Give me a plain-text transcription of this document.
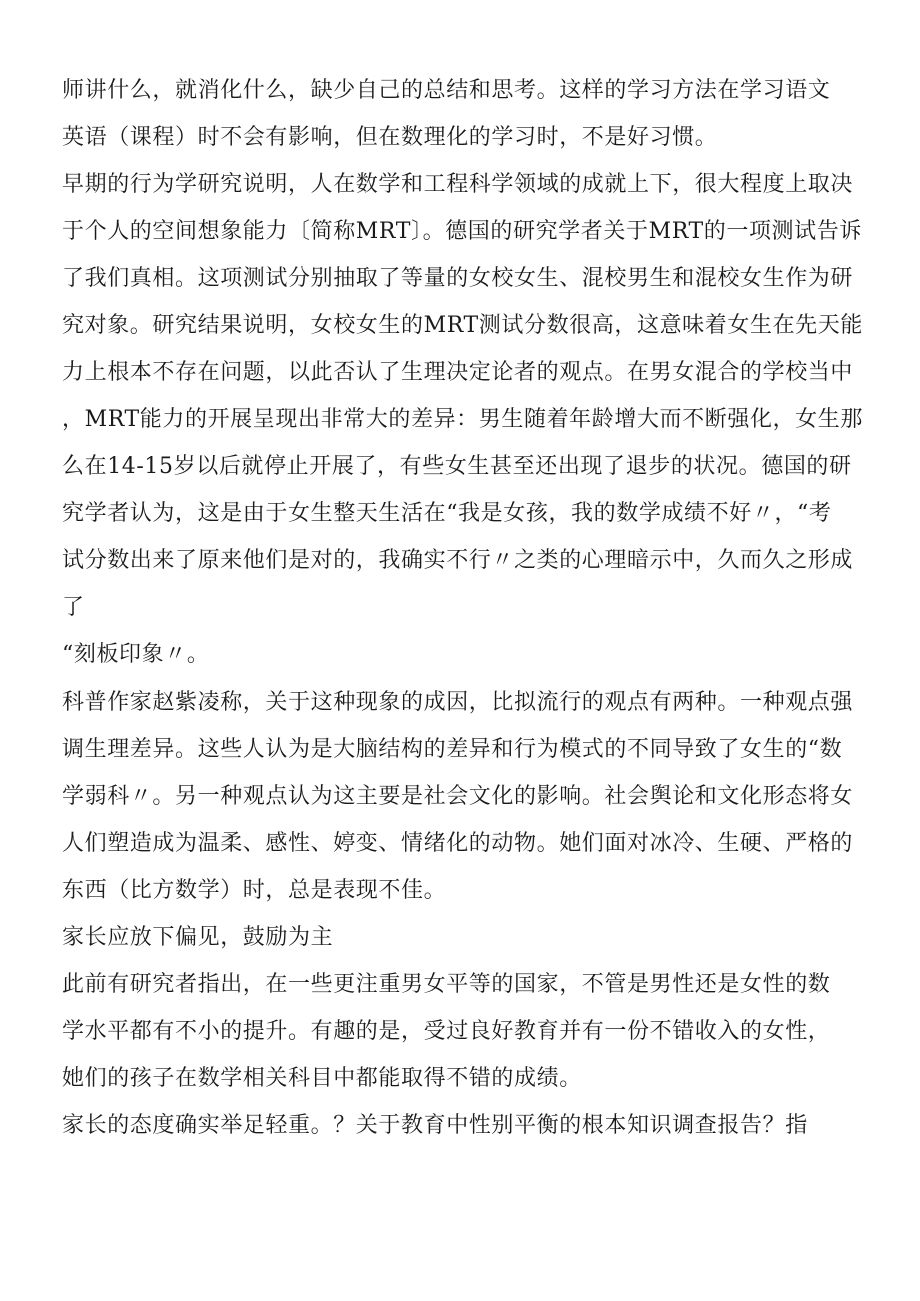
师讲什么，就消化什么，缺少自己的总结和思考。这样的学习方法在学习语文
英语（课程）时不会有影响，但在数理化的学习时，不是好习惯。
早期的行为学研究说明，人在数学和工程科学领域的成就上下，很大程度上取决
于个人的空间想象能力〔简称MRT〕。德国的研究学者关于MRT的一项测试告诉
了我们真相。这项测试分别抽取了等量的女校女生、混校男生和混校女生作为研
究对象。研究结果说明，女校女生的MRT测试分数很高，这意味着女生在先天能
力上根本不存在问题，以此否认了生理决定论者的观点。在男女混合的学校当中
，MRT能力的开展呈现出非常大的差异：男生随着年龄增大而不断强化，女生那
么在14-15岁以后就停止开展了，有些女生甚至还出现了退步的状况。德国的研
究学者认为，这是由于女生整天生活在“我是女孩，我的数学成绩不好〃，“考
试分数出来了原来他们是对的，我确实不行〃之类的心理暗示中，久而久之形成
了
“刻板印象〃。
科普作家赵紫凌称，关于这种现象的成因，比拟流行的观点有两种。一种观点强
调生理差异。这些人认为是大脑结构的差异和行为模式的不同导致了女生的“数
学弱科〃。另一种观点认为这主要是社会文化的影响。社会舆论和文化形态将女
人们塑造成为温柔、感性、婷变、情绪化的动物。她们面对冰冷、生硬、严格的
东西（比方数学）时，总是表现不佳。
家长应放下偏见，鼓励为主
此前有研究者指出，在一些更注重男女平等的国家，不管是男性还是女性的数
学水平都有不小的提升。有趣的是，受过良好教育并有一份不错收入的女性，
她们的孩子在数学相关科目中都能取得不错的成绩。
家长的态度确实举足轻重。？关于教育中性别平衡的根本知识调查报告？指
